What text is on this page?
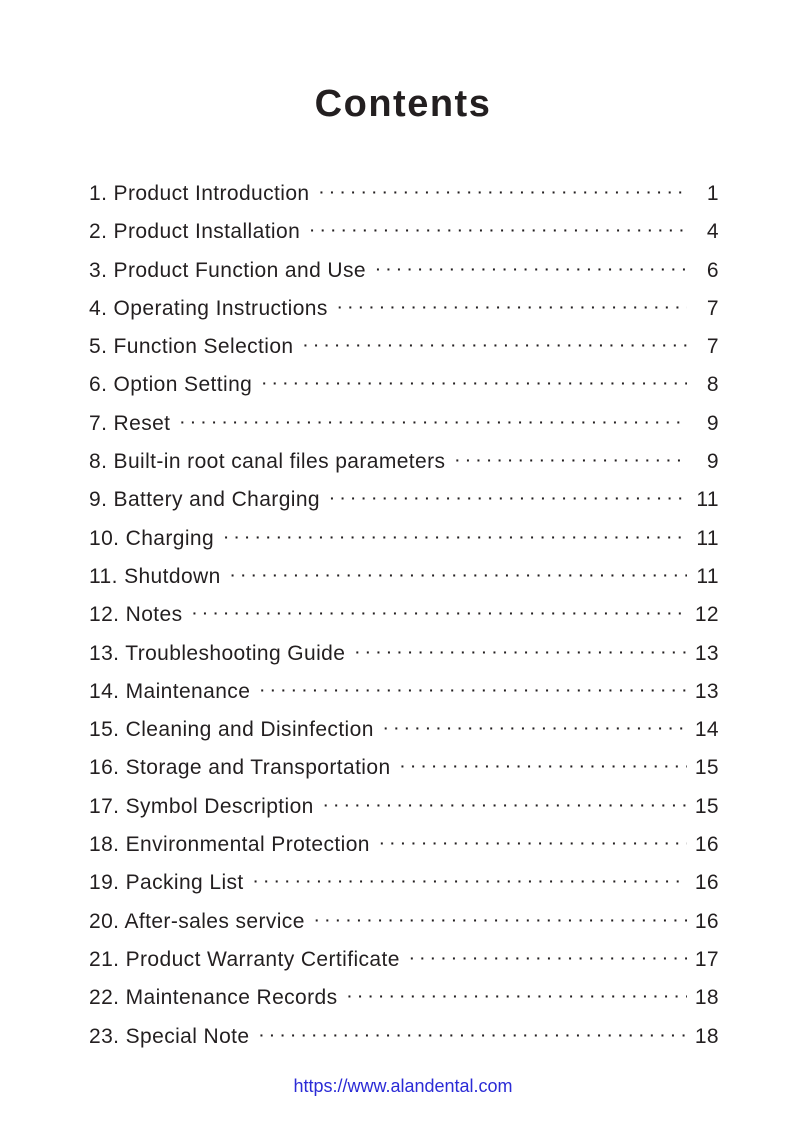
Contents
1. Product Introduction · · ·	1
2. Product Installation · · ·	4
3. Product Function and Use · · ·	6
4. Operating Instructions · · ·	7
5. Function Selection · · ·	7
6. Option Setting · · ·	8
7. Reset · · ·	9
8. Built-in root canal files parameters · · ·	9
9. Battery and Charging · · ·	11
10. Charging · · ·	11
11. Shutdown · · ·	11
12. Notes · · ·	12
13. Troubleshooting Guide · · ·	13
14. Maintenance · · ·	13
15. Cleaning and Disinfection · · ·	14
16. Storage and Transportation · · ·	15
17. Symbol Description · · ·	15
18. Environmental Protection · · ·	16
19. Packing List · · ·	16
20. After-sales service · · ·	16
21. Product Warranty Certificate · · ·	17
22. Maintenance Records · · ·	18
23. Special Note · · ·	18

https://www.alandental.com
